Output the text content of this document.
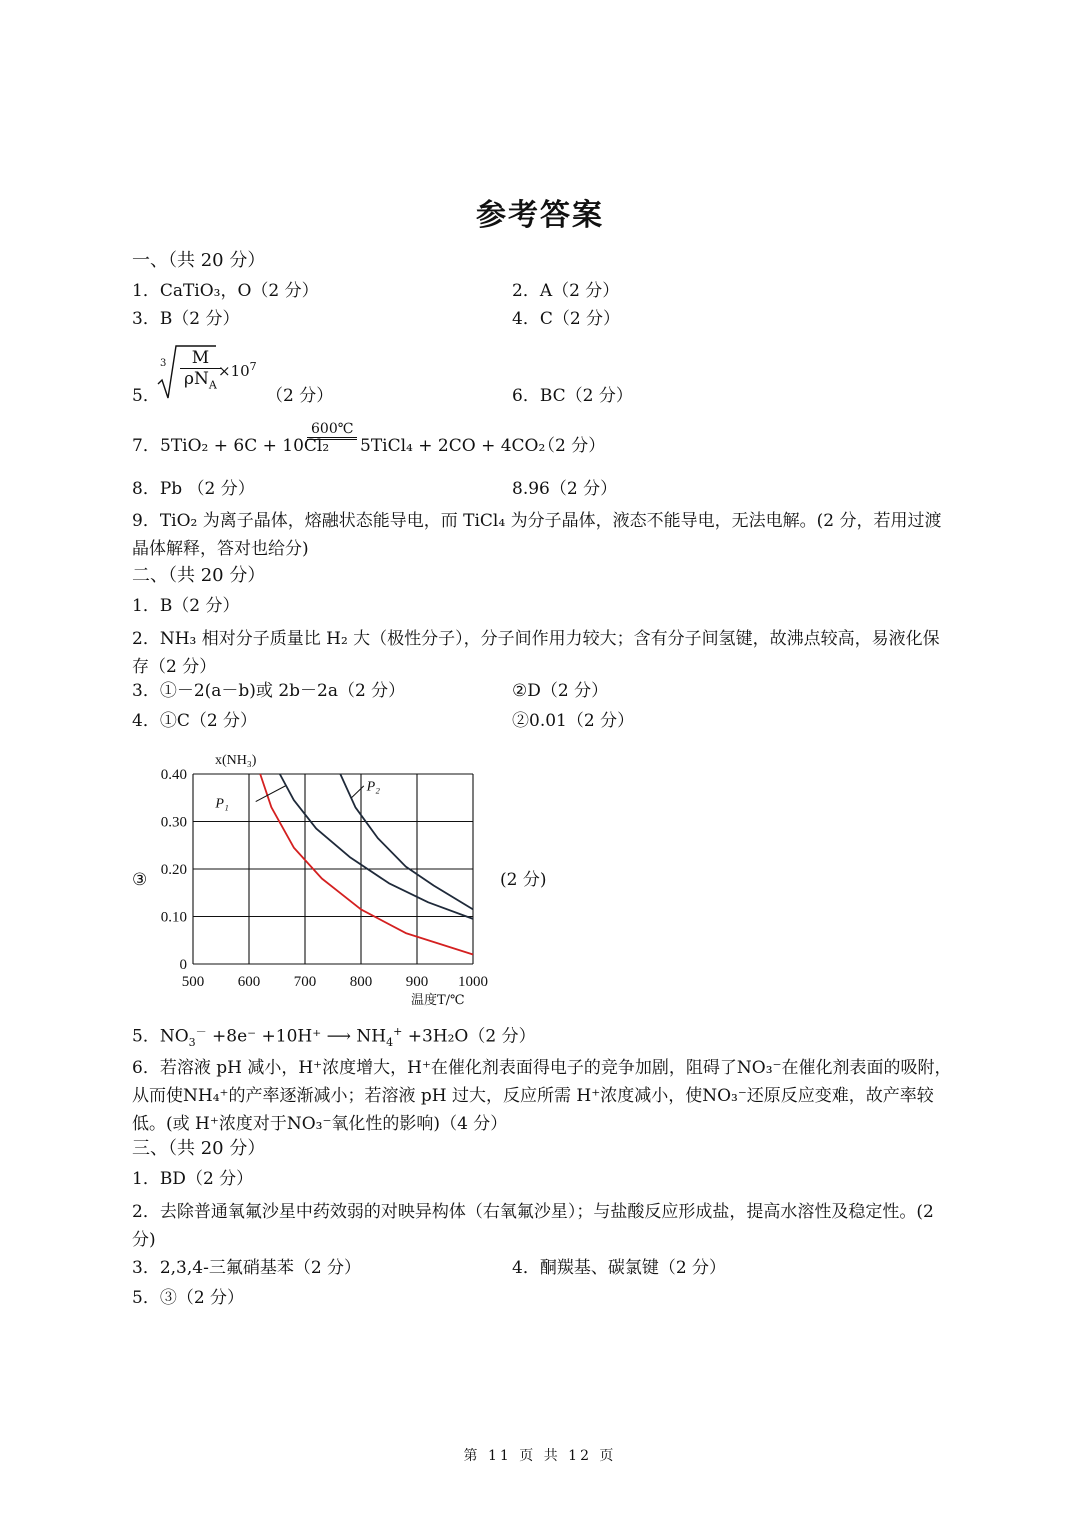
参考答案
一、（共 20 分）
1．CaTiO₃，O（2 分）	2．A（2 分）
3．B（2 分）	4．C（2 分）
5．
3	M
$\rho N_A$
$\times 10^7$
（2 分）	6．BC（2 分）
7． 5TiO₂ + 6C + 10Cl₂
600℃
5TiCl₄ + 2CO + 4CO₂
（2 分）
8．Pb （2 分）	8.96（2 分）
9．TiO₂ 为离子晶体，熔融状态能导电，而 TiCl₄ 为分子晶体，液态不能导电，无法电解。(2 分，若用过渡晶体解释，答对也给分)
二、（共 20 分）
1．B（2 分）
2．NH₃ 相对分子质量比 H₂ 大（极性分子），分子间作用力较大；含有分子间氢键，故沸点较高，易液化保存（2 分）
3．①－2(a－b)或 2b－2a（2 分）	②D（2 分）
4．①C（2 分）	②0.01（2 分）
③	(2 分)
x(NH₃)
温度T/℃
0
0.10
0.20
0.30
0.40
500 600 700 800 900 1000
P₁
P₂
5．$NO_3^- +8e^- +10H^+$ ⟶ $NH_4^+ +3H_2O(2$ 分）
6．若溶液 pH 减小，H⁺浓度增大，H⁺在催化剂表面得电子的竞争加剧，阻碍了NO₃⁻在催化剂表面的吸附，从而使NH₄⁺的产率逐渐减小；若溶液 pH 过大，反应所需 H⁺浓度减小，使NO₃⁻还原反应变难，故产率较低。(或 H⁺浓度对于NO₃⁻氧化性的影响)（4 分）
三、（共 20 分）
1．BD（2 分）
2．去除普通氧氟沙星中药效弱的对映异构体（右氧氟沙星）；与盐酸反应形成盐，提高水溶性及稳定性。(2 分)
3．2,3,4-三氟硝基苯（2 分）	4．酮羰基、碳氯键（2 分）
5．③（2 分）
第 11 页 共 12 页
